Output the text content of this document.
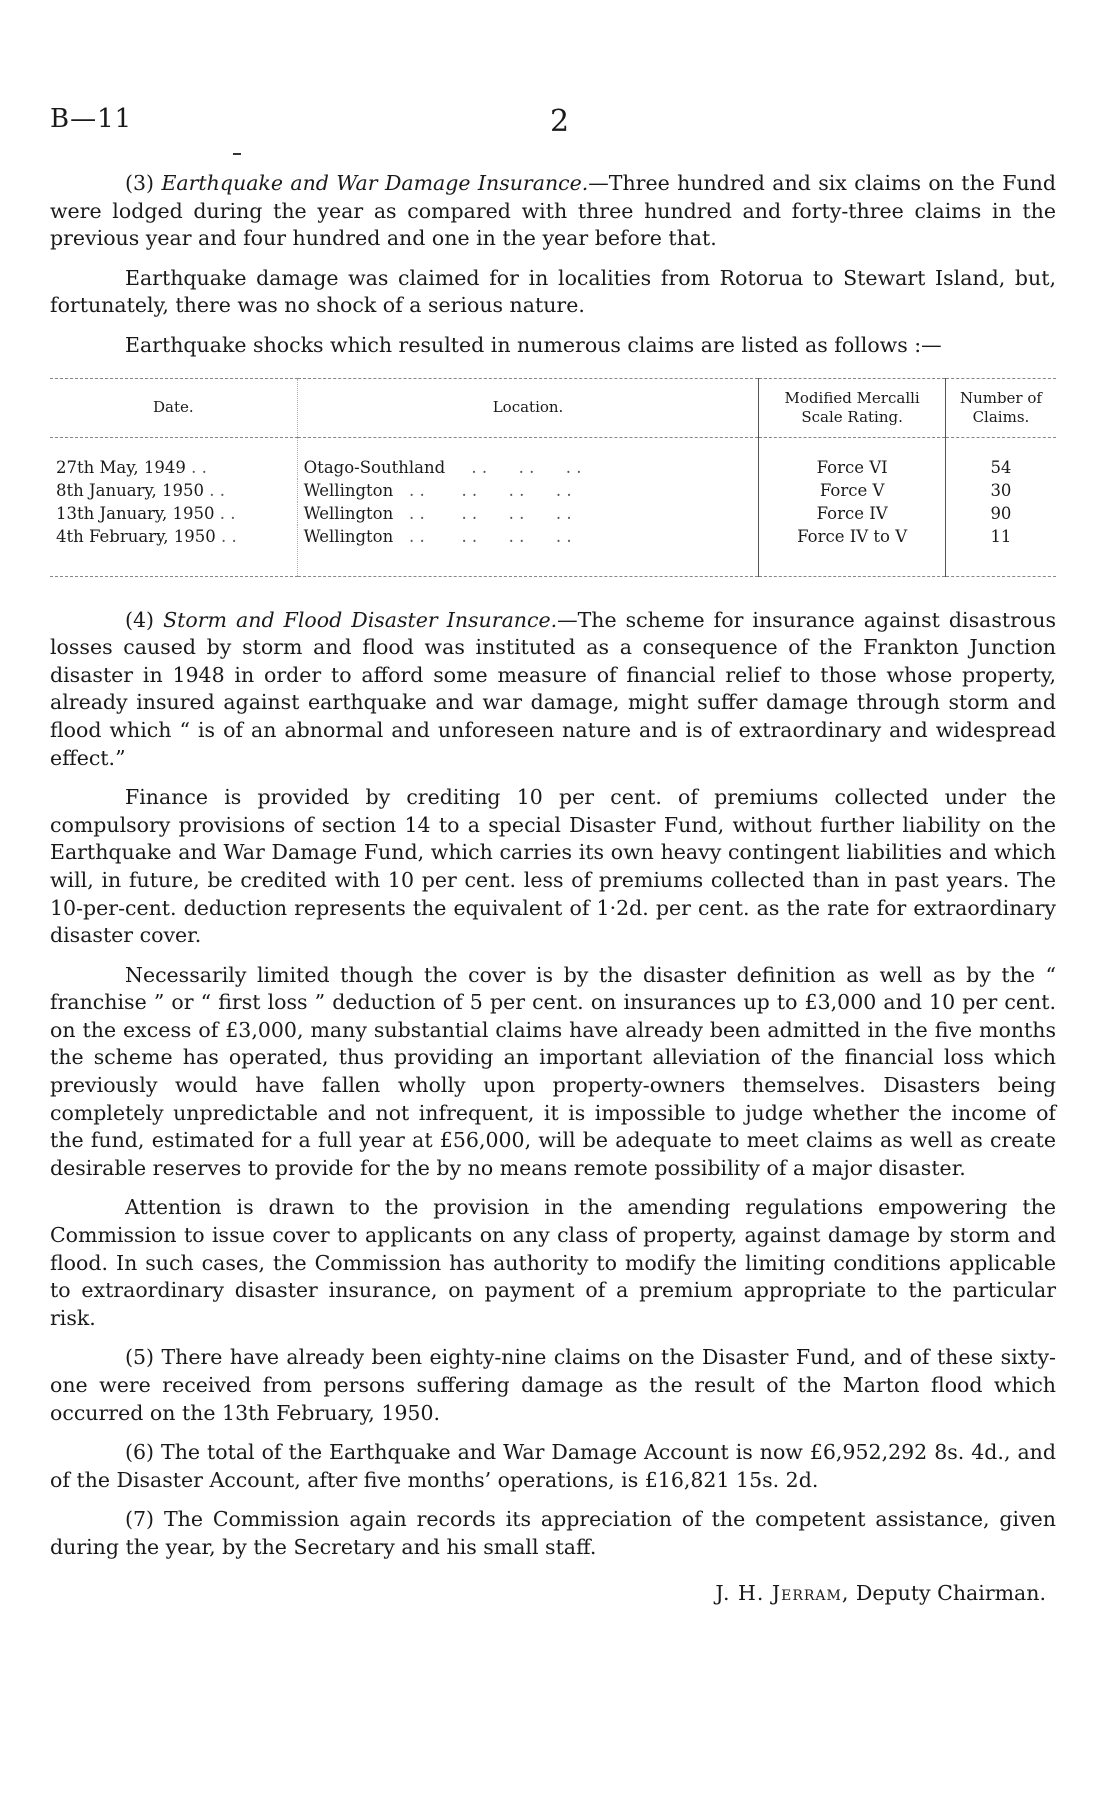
B—11	2

(3) Earthquake and War Damage Insurance.—Three hundred and six claims on the Fund were lodged during the year as compared with three hundred and forty-three claims in the previous year and four hundred and one in the year before that.

Earthquake damage was claimed for in localities from Rotorua to Stewart Island, but, fortunately, there was no shock of a serious nature.

Earthquake shocks which resulted in numerous claims are listed as follows :—

Date.	Location.	Modified Mercalli Scale Rating.	Number of Claims.
27th May, 1949 . .	Otago-Southland     . .      . .      . .	Force VI	54
8th January, 1950 . .	Wellington   . .       . .      . .      . .	Force V	30
13th January, 1950 . .	Wellington   . .       . .      . .      . .	Force IV	90
4th February, 1950 . .	Wellington   . .       . .      . .      . .	Force IV to V	11

(4) Storm and Flood Disaster Insurance.—The scheme for insurance against disastrous losses caused by storm and flood was instituted as a consequence of the Frankton Junction disaster in 1948 in order to afford some measure of financial relief to those whose property, already insured against earthquake and war damage, might suffer damage through storm and flood which “ is of an abnormal and unforeseen nature and is of extraordinary and widespread effect.”

Finance is provided by crediting 10 per cent. of premiums collected under the compulsory provisions of section 14 to a special Disaster Fund, without further liability on the Earthquake and War Damage Fund, which carries its own heavy contingent liabilities and which will, in future, be credited with 10 per cent. less of premiums collected than in past years. The 10-per-cent. deduction represents the equivalent of 1·2d. per cent. as the rate for extraordinary disaster cover.

Necessarily limited though the cover is by the disaster definition as well as by the “ franchise ” or “ first loss ” deduction of 5 per cent. on insurances up to £3,000 and 10 per cent. on the excess of £3,000, many substantial claims have already been admitted in the five months the scheme has operated, thus providing an important alleviation of the financial loss which previously would have fallen wholly upon property-owners themselves. Disasters being completely unpredictable and not infrequent, it is impossible to judge whether the income of the fund, estimated for a full year at £56,000, will be adequate to meet claims as well as create desirable reserves to provide for the by no means remote possibility of a major disaster.

Attention is drawn to the provision in the amending regulations empowering the Commission to issue cover to applicants on any class of property, against damage by storm and flood. In such cases, the Commission has authority to modify the limiting conditions applicable to extraordinary disaster insurance, on payment of a premium appropriate to the particular risk.

(5) There have already been eighty-nine claims on the Disaster Fund, and of these sixty-one were received from persons suffering damage as the result of the Marton flood which occurred on the 13th February, 1950.

(6) The total of the Earthquake and War Damage Account is now £6,952,292 8s. 4d., and of the Disaster Account, after five months’ operations, is £16,821 15s. 2d.

(7) The Commission again records its appreciation of the competent assistance, given during the year, by the Secretary and his small staff.

J. H. Jerram, Deputy Chairman.
